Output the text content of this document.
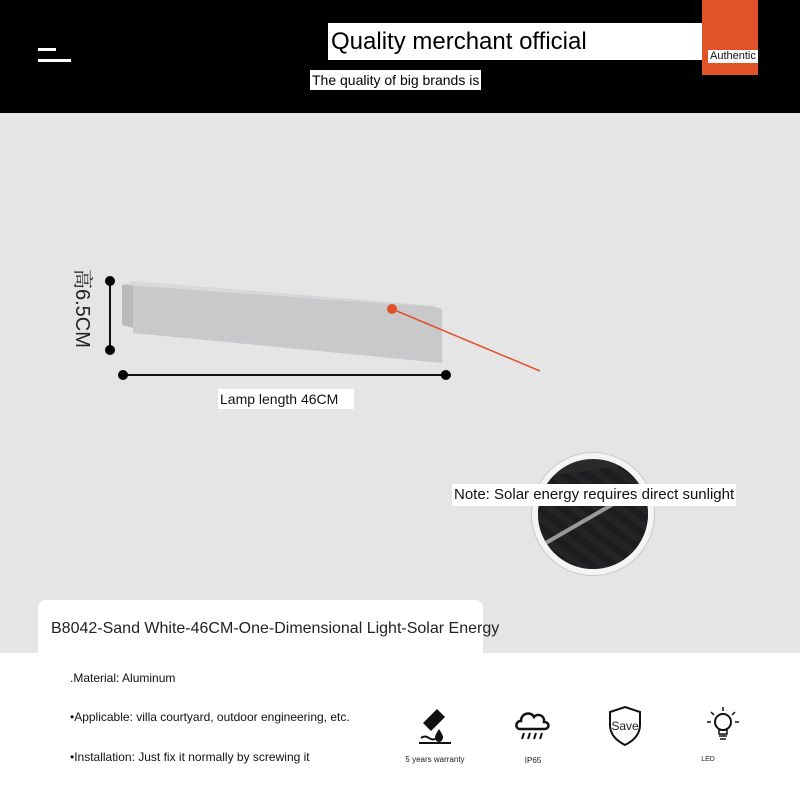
Quality merchant official
Authentic
The quality of big brands is
高6.5CM
Lamp length 46CM
Note: Solar energy requires direct sunlight
B8042-Sand White-46CM-One-Dimensional Light-Solar Energy
.Material: Aluminum
•Applicable: villa courtyard, outdoor engineering, etc.
•Installation: Just fix it normally by screwing it	5 years warranty	IP65
Save
LED
